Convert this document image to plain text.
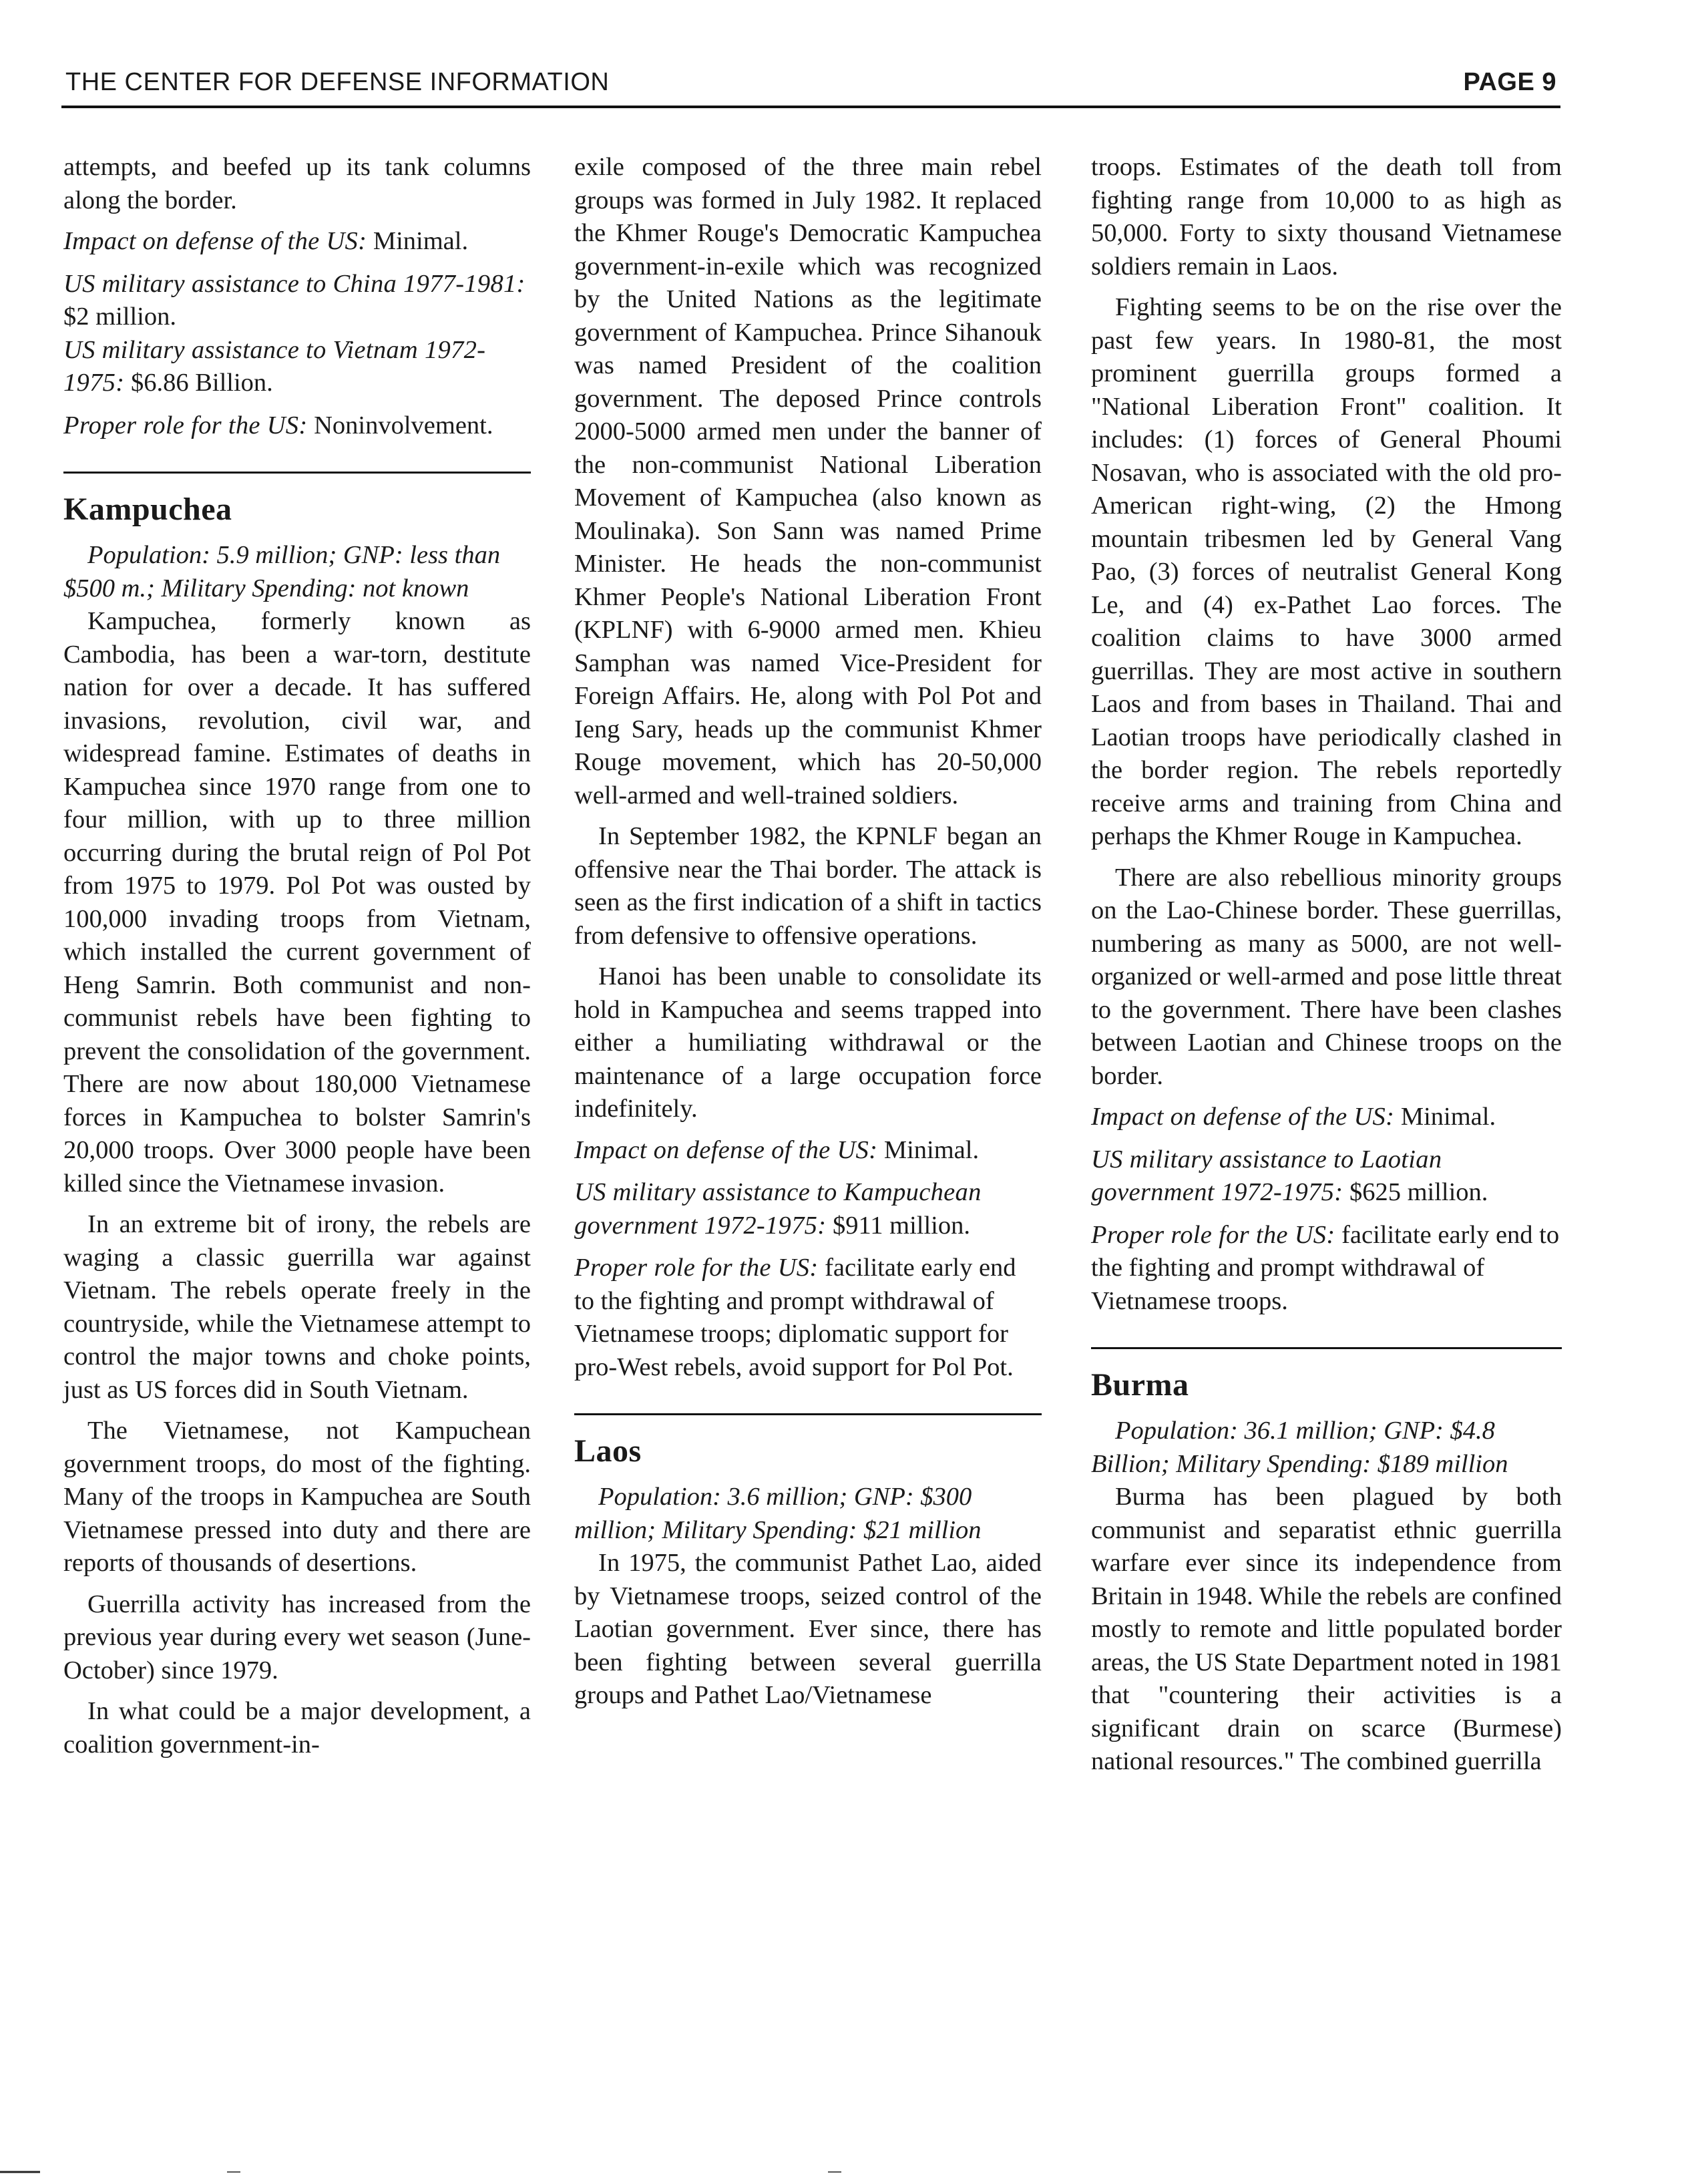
THE CENTER FOR DEFENSE INFORMATION	PAGE 9

attempts, and beefed up its tank columns along the border.

Impact on defense of the US: Minimal.

US military assistance to China 1977-1981: $2 million.

US military assistance to Vietnam 1972-1975: $6.86 Billion.

Proper role for the US: Noninvolvement.

Kampuchea

Population: 5.9 million; GNP: less than $500 m.; Military Spending: not known

Kampuchea, formerly known as Cambodia, has been a war-torn, destitute nation for over a decade. It has suffered invasions, revolution, civil war, and widespread famine. Estimates of deaths in Kampuchea since 1970 range from one to four million, with up to three million occurring during the brutal reign of Pol Pot from 1975 to 1979. Pol Pot was ousted by 100,000 invading troops from Vietnam, which installed the current government of Heng Samrin. Both communist and non-communist rebels have been fighting to prevent the consolidation of the government. There are now about 180,000 Vietnamese forces in Kampuchea to bolster Samrin's 20,000 troops. Over 3000 people have been killed since the Vietnamese invasion.

In an extreme bit of irony, the rebels are waging a classic guerrilla war against Vietnam. The rebels operate freely in the countryside, while the Vietnamese attempt to control the major towns and choke points, just as US forces did in South Vietnam.

The Vietnamese, not Kampuchean government troops, do most of the fighting. Many of the troops in Kampuchea are South Vietnamese pressed into duty and there are reports of thousands of desertions.

Guerrilla activity has increased from the previous year during every wet season (June-October) since 1979.

In what could be a major development, a coalition government-in-

exile composed of the three main rebel groups was formed in July 1982. It replaced the Khmer Rouge's Democratic Kampuchea government-in-exile which was recognized by the United Nations as the legitimate government of Kampuchea. Prince Sihanouk was named President of the coalition government. The deposed Prince controls 2000-5000 armed men under the banner of the non-communist National Liberation Movement of Kampuchea (also known as Moulinaka). Son Sann was named Prime Minister. He heads the non-communist Khmer People's National Liberation Front (KPLNF) with 6-9000 armed men. Khieu Samphan was named Vice-President for Foreign Affairs. He, along with Pol Pot and Ieng Sary, heads up the communist Khmer Rouge movement, which has 20-50,000 well-armed and well-trained soldiers.

In September 1982, the KPNLF began an offensive near the Thai border. The attack is seen as the first indication of a shift in tactics from defensive to offensive operations.

Hanoi has been unable to consolidate its hold in Kampuchea and seems trapped into either a humiliating withdrawal or the maintenance of a large occupation force indefinitely.

Impact on defense of the US: Minimal.

US military assistance to Kampuchean government 1972-1975: $911 million.

Proper role for the US: facilitate early end to the fighting and prompt withdrawal of Vietnamese troops; diplomatic support for pro-West rebels, avoid support for Pol Pot.

Laos

Population: 3.6 million; GNP: $300 million; Military Spending: $21 million

In 1975, the communist Pathet Lao, aided by Vietnamese troops, seized control of the Laotian government. Ever since, there has been fighting between several guerrilla groups and Pathet Lao/Vietnamese

troops. Estimates of the death toll from fighting range from 10,000 to as high as 50,000. Forty to sixty thousand Vietnamese soldiers remain in Laos.

Fighting seems to be on the rise over the past few years. In 1980-81, the most prominent guerrilla groups formed a "National Liberation Front" coalition. It includes: (1) forces of General Phoumi Nosavan, who is associated with the old pro-American right-wing, (2) the Hmong mountain tribesmen led by General Vang Pao, (3) forces of neutralist General Kong Le, and (4) ex-Pathet Lao forces. The coalition claims to have 3000 armed guerrillas. They are most active in southern Laos and from bases in Thailand. Thai and Laotian troops have periodically clashed in the border region. The rebels reportedly receive arms and training from China and perhaps the Khmer Rouge in Kampuchea.

There are also rebellious minority groups on the Lao-Chinese border. These guerrillas, numbering as many as 5000, are not well-organized or well-armed and pose little threat to the government. There have been clashes between Laotian and Chinese troops on the border.

Impact on defense of the US: Minimal.

US military assistance to Laotian government 1972-1975: $625 million.

Proper role for the US: facilitate early end to the fighting and prompt withdrawal of Vietnamese troops.

Burma

Population: 36.1 million; GNP: $4.8 Billion; Military Spending: $189 million

Burma has been plagued by both communist and separatist ethnic guerrilla warfare ever since its independence from Britain in 1948. While the rebels are confined mostly to remote and little populated border areas, the US State Department noted in 1981 that "countering their activities is a significant drain on scarce (Burmese) national resources." The combined guerrilla
